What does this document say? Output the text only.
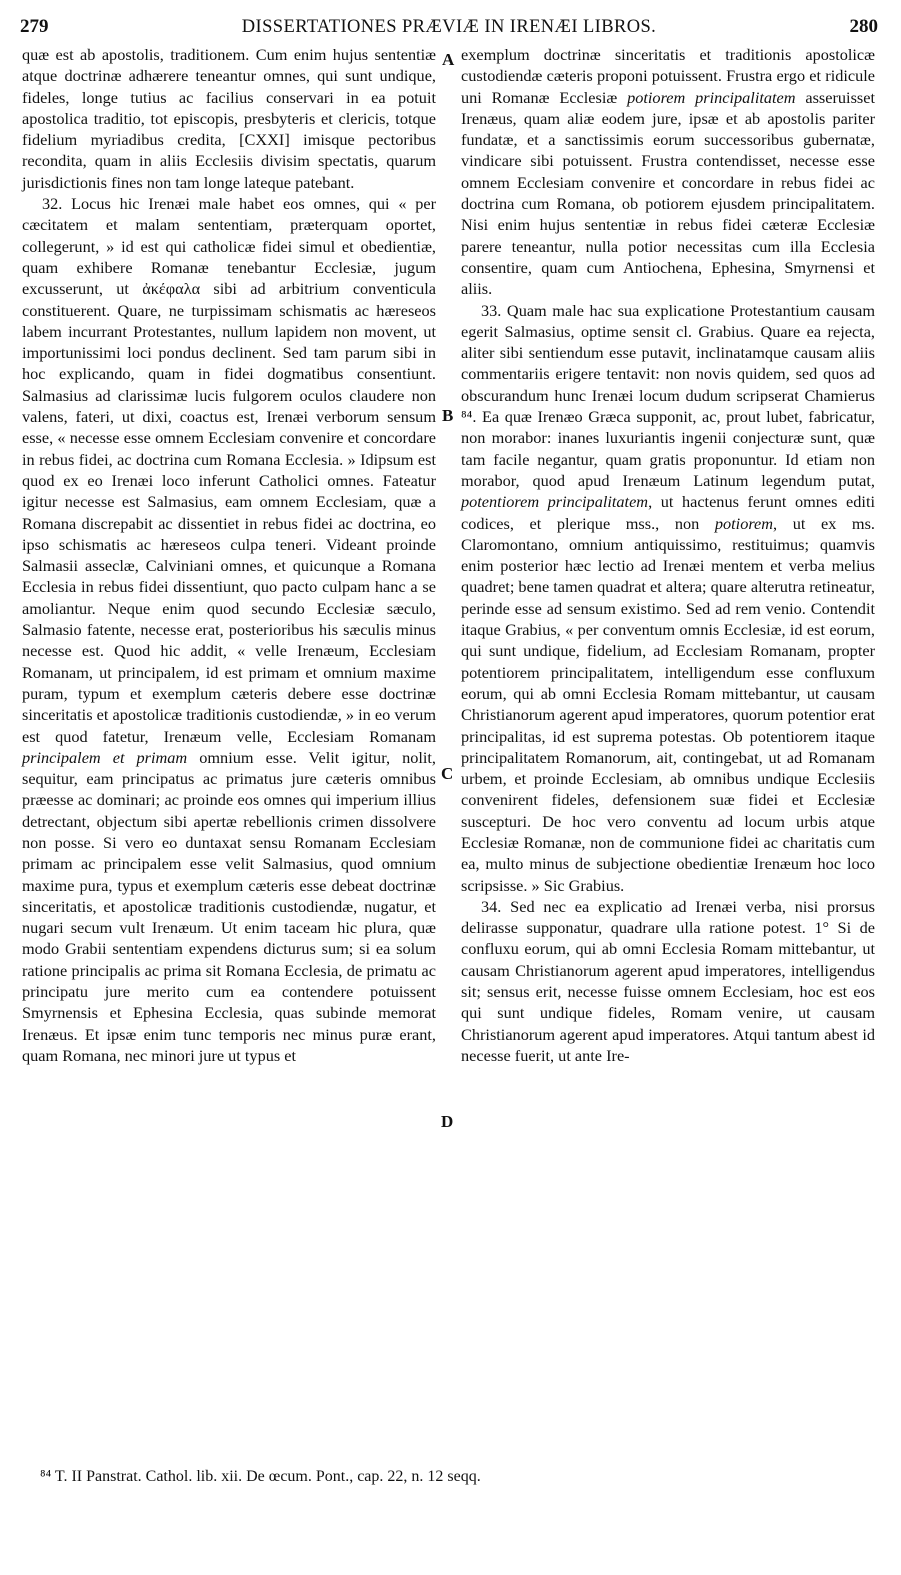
279	DISSERTATIONES PRÆVIÆ IN IRENÆI LIBROS.	280

quæ est ab apostolis, traditionem. Cum enim hujus sententiæ atque doctrinæ adhærere teneantur omnes, qui sunt undique, fideles, longe tutius ac facilius conservari in ea potuit apostolica traditio, tot episcopis, presbyteris et clericis, totque fidelium myriadibus credita, [CXXI] imisque pectoribus recondita, quam in aliis Ecclesiis divisim spectatis, quarum jurisdictionis fines non tam longe lateque patebant.

32. Locus hic Irenæi male habet eos omnes, qui « per cæcitatem et malam sententiam, præterquam oportet, collegerunt, » id est qui catholicæ fidei simul et obedientiæ, quam exhibere Romanæ tenebantur Ecclesiæ, jugum excusserunt, ut ἀκέφαλα sibi ad arbitrium conventicula constituerent. Quare, ne turpissimam schismatis ac hæreseos labem incurrant Protestantes, nullum lapidem non movent, ut importunissimi loci pondus declinent. Sed tam parum sibi in hoc explicando, quam in fidei dogmatibus consentiunt. Salmasius ad clarissimæ lucis fulgorem oculos claudere non valens, fateri, ut dixi, coactus est, Irenæi verborum sensum esse, « necesse esse omnem Ecclesiam convenire et concordare in rebus fidei, ac doctrina cum Romana Ecclesia. » Idipsum est quod ex eo Irenæi loco inferunt Catholici omnes. Fateatur igitur necesse est Salmasius, eam omnem Ecclesiam, quæ a Romana discrepabit ac dissentiet in rebus fidei ac doctrina, eo ipso schismatis ac hæreseos culpa teneri. Videant proinde Salmasii asseclæ, Calviniani omnes, et quicunque a Romana Ecclesia in rebus fidei dissentiunt, quo pacto culpam hanc a se amoliantur. Neque enim quod secundo Ecclesiæ sæculo, Salmasio fatente, necesse erat, posterioribus his sæculis minus necesse est. Quod hic addit, « velle Irenæum, Ecclesiam Romanam, ut principalem, id est primam et omnium maxime puram, typum et exemplum cæteris debere esse doctrinæ sinceritatis et apostolicæ traditionis custodiendæ, » in eo verum est quod fatetur, Irenæum velle, Ecclesiam Romanam principalem et primam omnium esse. Velit igitur, nolit, sequitur, eam principatus ac primatus jure cæteris omnibus præesse ac dominari; ac proinde eos omnes qui imperium illius detrectant, objectum sibi apertæ rebellionis crimen dissolvere non posse. Si vero eo duntaxat sensu Romanam Ecclesiam primam ac principalem esse velit Salmasius, quod omnium maxime pura, typus et exemplum cæteris esse debeat doctrinæ sinceritatis, et apostolicæ traditionis custodiendæ, nugatur, et nugari secum vult Irenæum. Ut enim taceam hic plura, quæ modo Grabii sententiam expendens dicturus sum; si ea solum ratione principalis ac prima sit Romana Ecclesia, de primatu ac principatu jure merito cum ea contendere potuissent Smyrnensis et Ephesina Ecclesia, quas subinde memorat Irenæus. Et ipsæ enim tunc temporis nec minus puræ erant, quam Romana, nec minori jure ut typus et

exemplum doctrinæ sinceritatis et traditionis apostolicæ custodiendæ cæteris proponi potuissent. Frustra ergo et ridicule uni Romanæ Ecclesiæ potiorem principalitatem asseruisset Irenæus, quam aliæ eodem jure, ipsæ et ab apostolis pariter fundatæ, et a sanctissimis eorum successoribus gubernatæ, vindicare sibi potuissent. Frustra contendisset, necesse esse omnem Ecclesiam convenire et concordare in rebus fidei ac doctrina cum Romana, ob potiorem ejusdem principalitatem. Nisi enim hujus sententiæ in rebus fidei cæteræ Ecclesiæ parere teneantur, nulla potior necessitas cum illa Ecclesia consentire, quam cum Antiochena, Ephesina, Smyrnensi et aliis.

33. Quam male hac sua explicatione Protestantium causam egerit Salmasius, optime sensit cl. Grabius. Quare ea rejecta, aliter sibi sentiendum esse putavit, inclinatamque causam aliis commentariis erigere tentavit: non novis quidem, sed quos ad obscurandum hunc Irenæi locum dudum scripserat Chamierus ⁸⁴. Ea quæ Irenæo Græca supponit, ac, prout lubet, fabricatur, non morabor: inanes luxuriantis ingenii conjecturæ sunt, quæ tam facile negantur, quam gratis proponuntur. Id etiam non morabor, quod apud Irenæum Latinum legendum putat, potentiorem principalitatem, ut hactenus ferunt omnes editi codices, et plerique mss., non potiorem, ut ex ms. Claromontano, omnium antiquissimo, restituimus; quamvis enim posterior hæc lectio ad Irenæi mentem et verba melius quadret; bene tamen quadrat et altera; quare alterutra retineatur, perinde esse ad sensum existimo. Sed ad rem venio. Contendit itaque Grabius, « per conventum omnis Ecclesiæ, id est eorum, qui sunt undique, fidelium, ad Ecclesiam Romanam, propter potentiorem principalitatem, intelligendum esse confluxum eorum, qui ab omni Ecclesia Romam mittebantur, ut causam Christianorum agerent apud imperatores, quorum potentior erat principalitas, id est suprema potestas. Ob potentiorem itaque principalitatem Romanorum, ait, contingebat, ut ad Romanam urbem, et proinde Ecclesiam, ab omnibus undique Ecclesiis convenirent fideles, defensionem suæ fidei et Ecclesiæ suscepturi. De hoc vero conventu ad locum urbis atque Ecclesiæ Romanæ, non de communione fidei ac charitatis cum ea, multo minus de subjectione obedientiæ Irenæum hoc loco scripsisse. » Sic Grabius.

34. Sed nec ea explicatio ad Irenæi verba, nisi prorsus delirasse supponatur, quadrare ulla ratione potest. 1° Si de confluxu eorum, qui ab omni Ecclesia Romam mittebantur, ut causam Christianorum agerent apud imperatores, intelligendus sit; sensus erit, necesse fuisse omnem Ecclesiam, hoc est eos qui sunt undique fideles, Romam venire, ut causam Christianorum agerent apud imperatores. Atqui tantum abest id necesse fuerit, ut ante Ire-

A
B
C
D
⁸⁴ T. II Panstrat. Cathol. lib. xii. De œcum. Pont., cap. 22, n. 12 seqq.
